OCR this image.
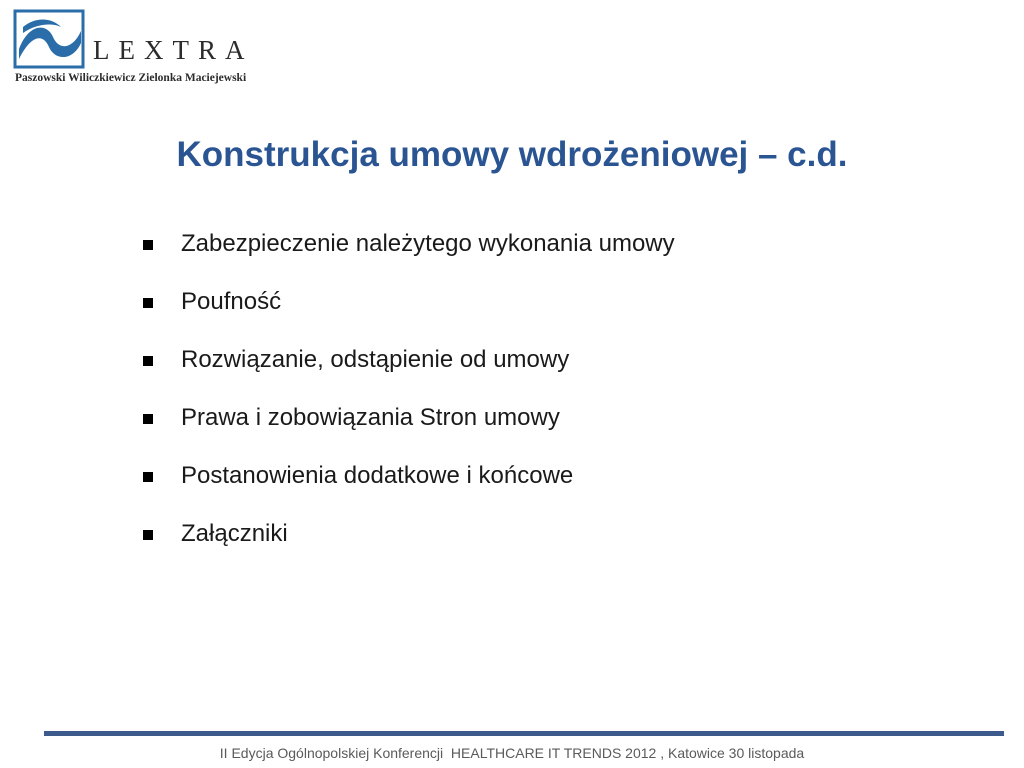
LEXTRA
Paszowski Wiliczkiewicz Zielonka Maciejewski
Konstrukcja umowy wdrożeniowej – c.d.
Zabezpieczenie należytego wykonania umowy
Poufność
Rozwiązanie, odstąpienie od umowy
Prawa i zobowiązania Stron umowy
Postanowienia dodatkowe i końcowe
Załączniki
II Edycja Ogólnopolskiej Konferencji  HEALTHCARE IT TRENDS 2012 , Katowice 30 listopada
